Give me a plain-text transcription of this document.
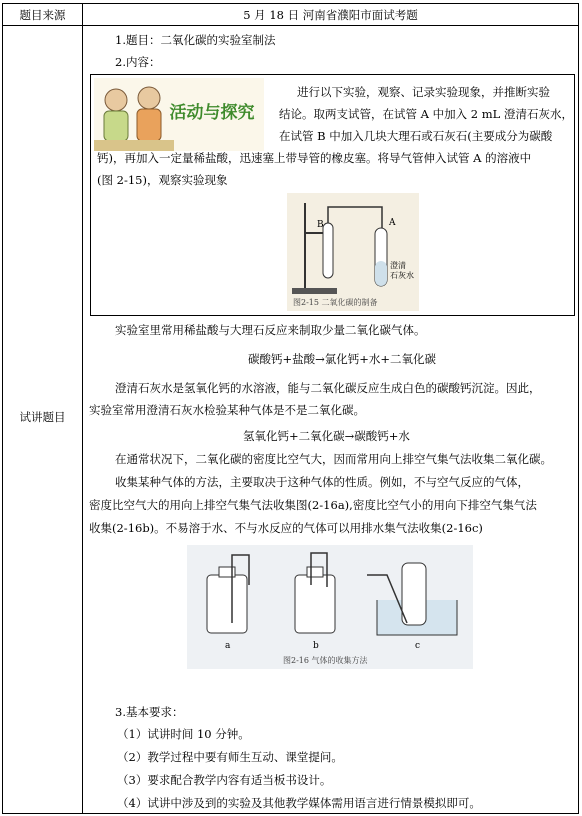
题目来源	5 月 18 日 河南省濮阳市面试考题
试讲题目
1.题目：二氧化碳的实验室制法
2.内容：
活动与探究
进行以下实验，观察、记录实验现象，并推断实验
结论。取两支试管，在试管 A 中加入 2 mL 澄清石灰水，
在试管 B 中加入几块大理石或石灰石(主要成分为碳酸
钙)，再加入一定量稀盐酸，迅速塞上带导管的橡皮塞。将导气管伸入试管 A 的溶液中
(图 2-15)，观察实验现象
B	A
澄清
石灰水
图2-15 二氧化碳的制备
实验室里常用稀盐酸与大理石反应来制取少量二氧化碳气体。
碳酸钙+盐酸→氯化钙+水+二氧化碳
澄清石灰水是氢氧化钙的水溶液，能与二氧化碳反应生成白色的碳酸钙沉淀。因此，
实验室常用澄清石灰水检验某种气体是不是二氧化碳。
氢氧化钙+二氧化碳→碳酸钙+水
在通常状况下，二氧化碳的密度比空气大，因而常用向上排空气集气法收集二氧化碳。
收集某种气体的方法，主要取决于这种气体的性质。例如，不与空气反应的气体，
密度比空气大的用向上排空气集气法收集图(2-16a),密度比空气小的用向下排空气集气法
收集(2-16b)。不易溶于水、不与水反应的气体可以用排水集气法收集(2-16c)
a	b	c
图2-16 气体的收集方法
3.基本要求：
（1）试讲时间 10 分钟。
（2）教学过程中要有师生互动、课堂提问。
（3）要求配合教学内容有适当板书设计。
（4）试讲中涉及到的实验及其他教学媒体需用语言进行情景模拟即可。
